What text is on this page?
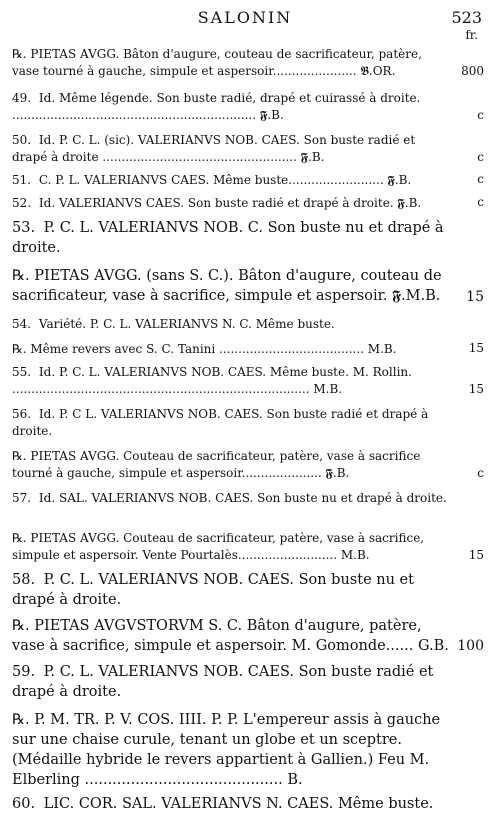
SALONIN	523
fr.
℞. PIETAS AVGG. Bâton d'augure, couteau de sacrificateur, patère, vase tourné à gauche, simpule et aspersoir...................... 𝕭.OR.	800
49. Id. Même légende. Son buste radié, drapé et cuirassé à droite. ................................................................ 𝕱.B.	c
50. Id. P. C. L. (sic). VALERIANVS NOB. CAES. Son buste radié et drapé à droite ................................................... 𝕱.B.	c
51. C. P. L. VALERIANVS CAES. Même buste......................... 𝕱.B.	c
52. Id. VALERIANVS CAES. Son buste radié et drapé à droite. 𝕱.B.	c
53. P. C. L. VALERIANVS NOB. C. Son buste nu et drapé à droite.
℞. PIETAS AVGG. (sans S. C.). Bâton d'augure, couteau de sacrificateur, vase à sacrifice, simpule et aspersoir. 𝕱.M.B.	15
54. Variété. P. C. L. VALERIANVS N. C. Même buste.
℞. Même revers avec S. C. Tanini ...................................... M.B.	15
55. Id. P. C. L. VALERIANVS NOB. CAES. Même buste. M. Rollin. .............................................................................. M.B.	15
56. Id. P. C L. VALERIANVS NOB. CAES. Son buste radié et drapé à droite.
℞. PIETAS AVGG. Couteau de sacrificateur, patère, vase à sacrifice tourné à gauche, simpule et aspersoir..................... 𝕱.B.	c
57. Id. SAL. VALERIANVS NOB. CAES. Son buste nu et drapé à droite.
℞. PIETAS AVGG. Couteau de sacrificateur, patère, vase à sacrifice, simpule et aspersoir. Vente Pourtalès.......................... M.B.	15
58. P. C. L. VALERIANVS NOB. CAES. Son buste nu et drapé à droite.
℞. PIETAS AVGVSTORVM S. C. Bâton d'augure, patère, vase à sacrifice, simpule et aspersoir. M. Gomonde...... G.B. 100
59. P. C. L. VALERIANVS NOB. CAES. Son buste radié et drapé à droite.
℞. P. M. TR. P. V. COS. IIII. P. P. L'empereur assis à gauche sur une chaise curule, tenant un globe et un sceptre. (Médaille hybride le revers appartient à Gallien.) Feu M. Elberling ........................................... B.
60. LIC. COR. SAL. VALERIANVS N. CAES. Même buste.
